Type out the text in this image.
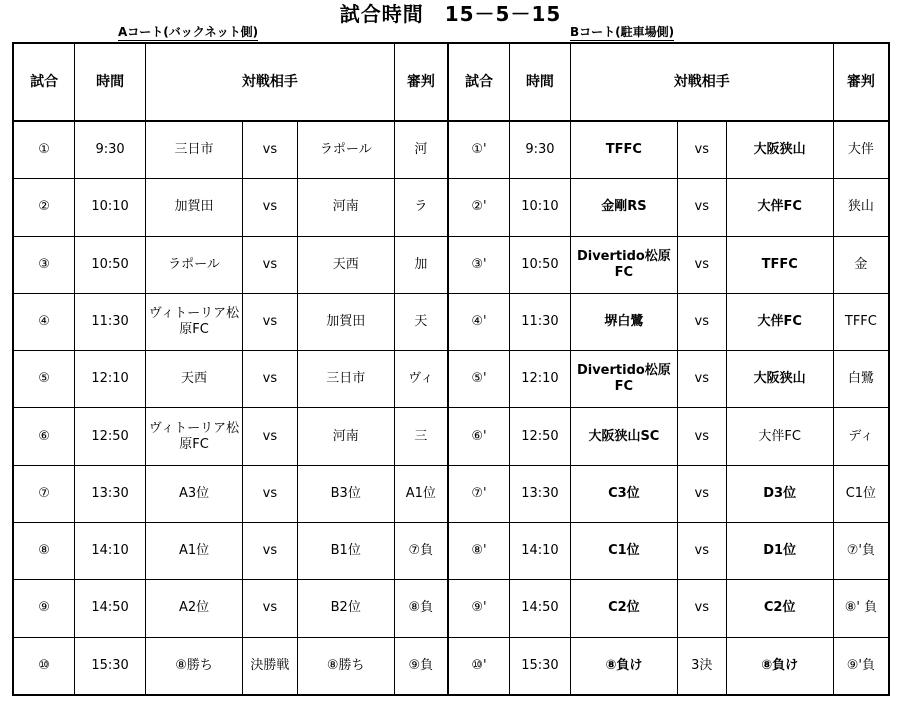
試合時間　15－5－15
Aコート(バックネット側)	Bコート(駐車場側)
試合	時間	対戦相手			審判	試合	時間	対戦相手			審判
①	9:30	三日市	vs	ラポール	河	①'	9:30	TFFC	vs	大阪狭山	大伴
②	10:10	加賀田	vs	河南	ラ	②'	10:10	金剛RS	vs	大伴FC	狭山
③	10:50	ラポール	vs	天西	加	③'	10:50	Divertido松原FC	vs	TFFC	金
④	11:30	ヴィトーリア松原FC	vs	加賀田	天	④'	11:30	堺白鷺	vs	大伴FC	TFFC
⑤	12:10	天西	vs	三日市	ヴィ	⑤'	12:10	Divertido松原FC	vs	大阪狭山	白鷺
⑥	12:50	ヴィトーリア松原FC	vs	河南	三	⑥'	12:50	大阪狭山SC	vs	大伴FC	ディ
⑦	13:30	A3位	vs	B3位	A1位	⑦'	13:30	C3位	vs	D3位	C1位
⑧	14:10	A1位	vs	B1位	⑦負	⑧'	14:10	C1位	vs	D1位	⑦'負
⑨	14:50	A2位	vs	B2位	⑧負	⑨'	14:50	C2位	vs	C2位	⑧' 負
⑩	15:30	⑧勝ち	決勝戦	⑧勝ち	⑨負	⑩'	15:30	⑧負け	3決	⑧負け	⑨'負
